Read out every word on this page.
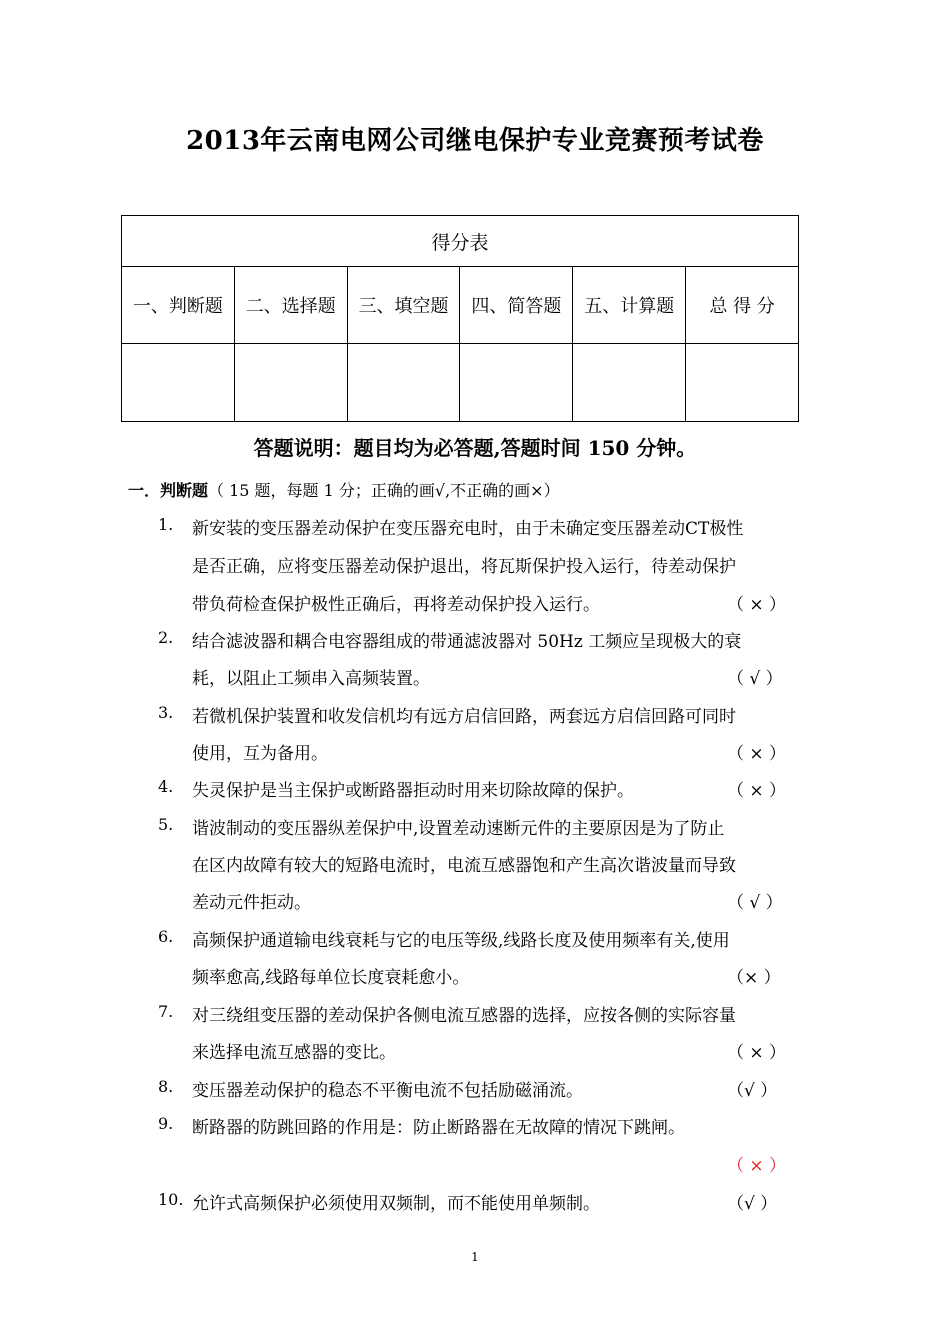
2013年云南电网公司继电保护专业竞赛预考试卷
得分表					
一、判断题	二、选择题	三、填空题	四、简答题	五、计算题	总 得 分

答题说明：题目均为必答题,答题时间 150 分钟。
一．判断题（ 15 题，每题 1 分；正确的画√,不正确的画×）
1.	新安装的变压器差动保护在变压器充电时，由于未确定变压器差动CT极性
是否正确，应将变压器差动保护退出，将瓦斯保护投入运行，待差动保护
带负荷检查保护极性正确后，再将差动保护投入运行。	（ × ）
2.	结合滤波器和耦合电容器组成的带通滤波器对 50Hz 工频应呈现极大的衰
耗，以阻止工频串入高频装置。	（ √ ）
3.	若微机保护装置和收发信机均有远方启信回路，两套远方启信回路可同时
使用，互为备用。	（ × ）
4.	失灵保护是当主保护或断路器拒动时用来切除故障的保护。	（ × ）
5.	谐波制动的变压器纵差保护中,设置差动速断元件的主要原因是为了防止
在区内故障有较大的短路电流时，电流互感器饱和产生高次谐波量而导致
差动元件拒动。	（ √ ）
6.	高频保护通道输电线衰耗与它的电压等级,线路长度及使用频率有关,使用
频率愈高,线路每单位长度衰耗愈小。	（× ）
7.	对三绕组变压器的差动保护各侧电流互感器的选择，应按各侧的实际容量
来选择电流互感器的变比。	（ × ）
8.	变压器差动保护的稳态不平衡电流不包括励磁涌流。	（√ ）
9.	断路器的防跳回路的作用是：防止断路器在无故障的情况下跳闸。
（ × ）
10. 允许式高频保护必须使用双频制，而不能使用单频制。	（√ ）
1
